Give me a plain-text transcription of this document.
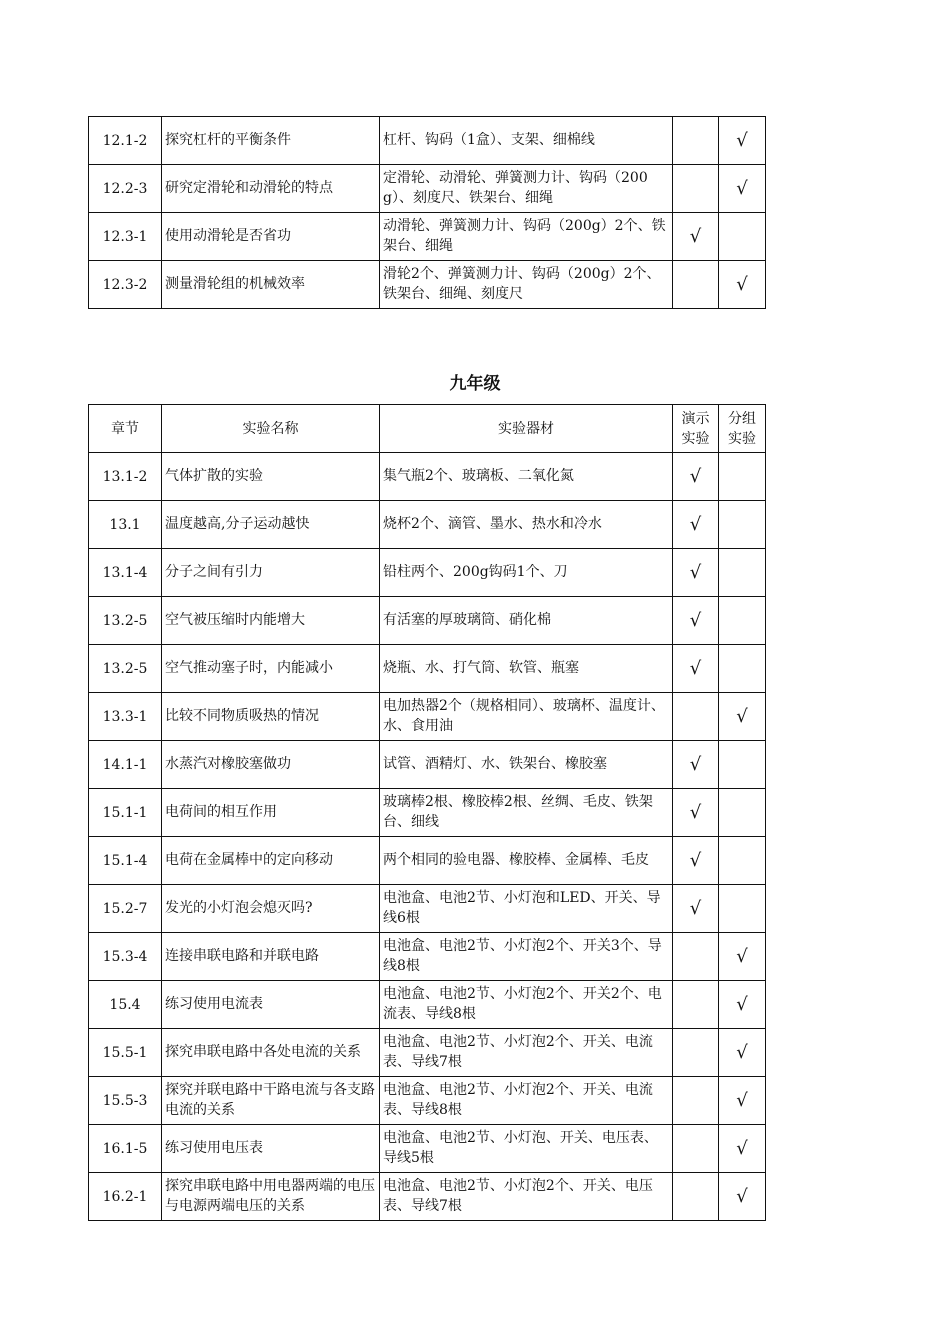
12.1-2	探究杠杆的平衡条件	杠杆、钩码（1盒）、支架、细棉线		√
12.2-3	研究定滑轮和动滑轮的特点	定滑轮、动滑轮、弹簧测力计、钩码（200g）、刻度尺、铁架台、细绳		√
12.3-1	使用动滑轮是否省功	动滑轮、弹簧测力计、钩码（200g）2个、铁架台、细绳	√	
12.3-2	测量滑轮组的机械效率	滑轮2个、弹簧测力计、钩码（200g）2个、铁架台、细绳、刻度尺		√
九年级
章节	实验名称	实验器材	演示实验	分组实验
13.1-2	气体扩散的实验	集气瓶2个、玻璃板、二氧化氮	√	
13.1	温度越高,分子运动越快	烧杯2个、滴管、墨水、热水和冷水	√	
13.1-4	分子之间有引力	铅柱两个、200g钩码1个、刀	√	
13.2-5	空气被压缩时内能增大	有活塞的厚玻璃筒、硝化棉	√	
13.2-5	空气推动塞子时，内能减小	烧瓶、水、打气筒、软管、瓶塞	√	
13.3-1	比较不同物质吸热的情况	电加热器2个（规格相同）、玻璃杯、温度计、水、食用油		√
14.1-1	水蒸汽对橡胶塞做功	试管、酒精灯、水、铁架台、橡胶塞	√	
15.1-1	电荷间的相互作用	玻璃棒2根、橡胶棒2根、丝绸、毛皮、铁架台、细线	√	
15.1-4	电荷在金属棒中的定向移动	两个相同的验电器、橡胶棒、金属棒、毛皮	√	
15.2-7	发光的小灯泡会熄灭吗?	电池盒、电池2节、小灯泡和LED、开关、导线6根	√	
15.3-4	连接串联电路和并联电路	电池盒、电池2节、小灯泡2个、开关3个、导线8根		√
15.4	练习使用电流表	电池盒、电池2节、小灯泡2个、开关2个、电流表、导线8根		√
15.5-1	探究串联电路中各处电流的关系	电池盒、电池2节、小灯泡2个、开关、电流表、导线7根		√
15.5-3	探究并联电路中干路电流与各支路电流的关系	电池盒、电池2节、小灯泡2个、开关、电流表、导线8根		√
16.1-5	练习使用电压表	电池盒、电池2节、小灯泡、开关、电压表、导线5根		√
16.2-1	探究串联电路中用电器两端的电压与电源两端电压的关系	电池盒、电池2节、小灯泡2个、开关、电压表、导线7根		√
